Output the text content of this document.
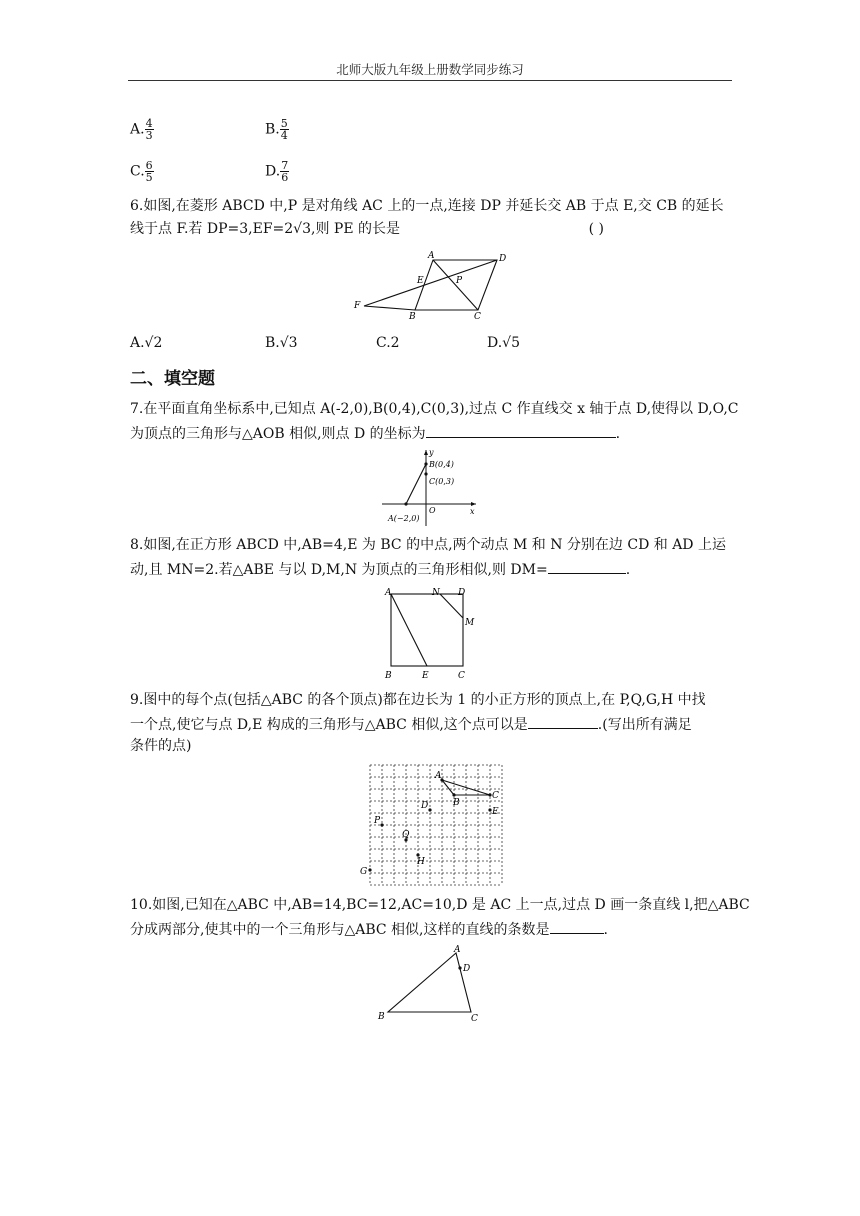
北师大版九年级上册数学同步练习
A. $\frac{4}{3}$	B. $\frac{5}{4}$
C. $\frac{6}{5}$	D. $\frac{7}{6}$
6.如图,在菱形 ABCD 中,P 是对角线 AC 上的一点,连接 DP 并延长交 AB 于点 E,交 CB 的延长
线于点 F.若 DP=3,EF=2√3,则 PE 的长是	( )
A	D
E	P
F
B	C
A.√2	B.√3	C.2	D.√5
二、填空题
7.在平面直角坐标系中,已知点 A(-2,0),B(0,4),C(0,3),过点 C 作直线交 x 轴于点 D,使得以 D,O,C
为顶点的三角形与△AOB 相似,则点 D 的坐标为	.
y
x
O
B(0,4)
C(0,3)
A(−2,0)
8.如图,在正方形 ABCD 中,AB=4,E 为 BC 的中点,两个动点 M 和 N 分别在边 CD 和 AD 上运
动,且 MN=2.若△ABE 与以 D,M,N 为顶点的三角形相似,则 DM=	.
A	N D
M
B	E	C
9.图中的每个点(包括△ABC 的各个顶点)都在边长为 1 的小正方形的顶点上,在 P,Q,G,H 中找
一个点,使它与点 D,E 构成的三角形与△ABC 相似,这个点可以是	.(写出所有满足
条件的点)
A
B
C
D
E
P
Q
H
G
10.如图,已知在△ABC 中,AB=14,BC=12,AC=10,D 是 AC 上一点,过点 D 画一条直线 l,把△ABC
分成两部分,使其中的一个三角形与△ABC 相似,这样的直线的条数是	.
A
D
B	C
